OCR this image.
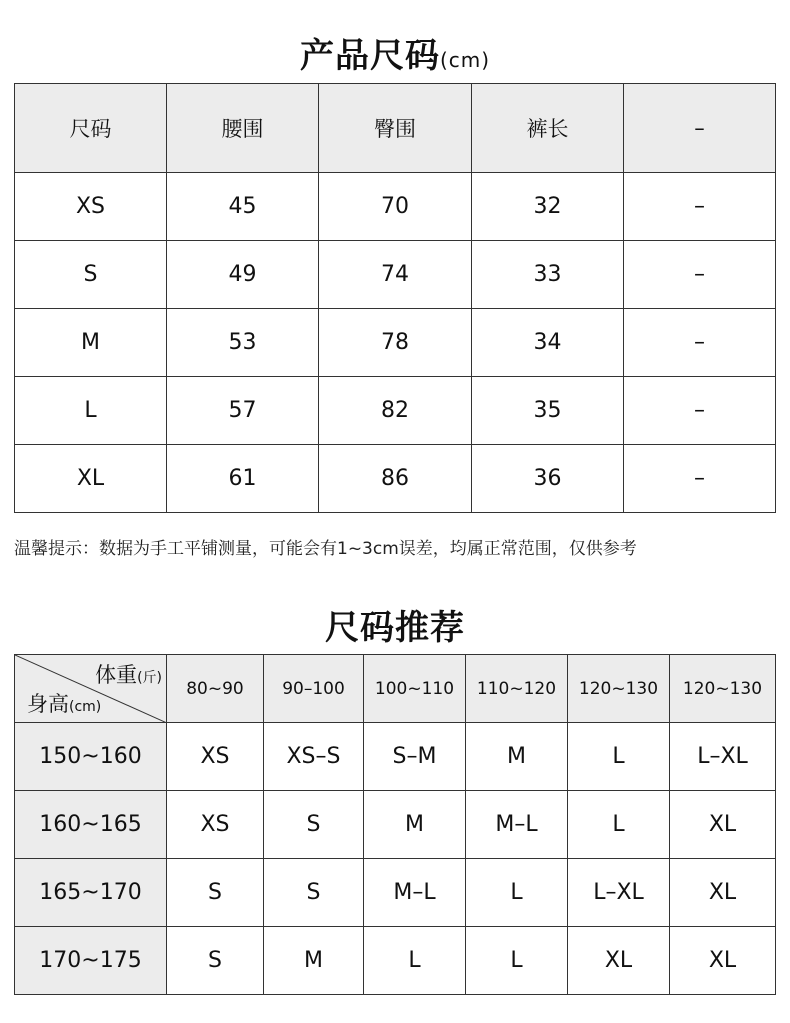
产品尺码(cm)
尺码	腰围	臀围	裤长	–
XS	45	70	32	–
S	49	74	33	–
M	53	78	34	–
L	57	82	35	–
XL	61	86	36	–
温馨提示：数据为手工平铺测量，可能会有1~3cm误差，均属正常范围，仅供参考
尺码推荐
体重(斤)
身高(cm)	80~90	90–100	100~110	110~120	120~130	120~130
150~160	XS	XS–S	S–M	M	L	L–XL
160~165	XS	S	M	M–L	L	XL
165~170	S	S	M–L	L	L–XL	XL
170~175	S	M	L	L	XL	XL
